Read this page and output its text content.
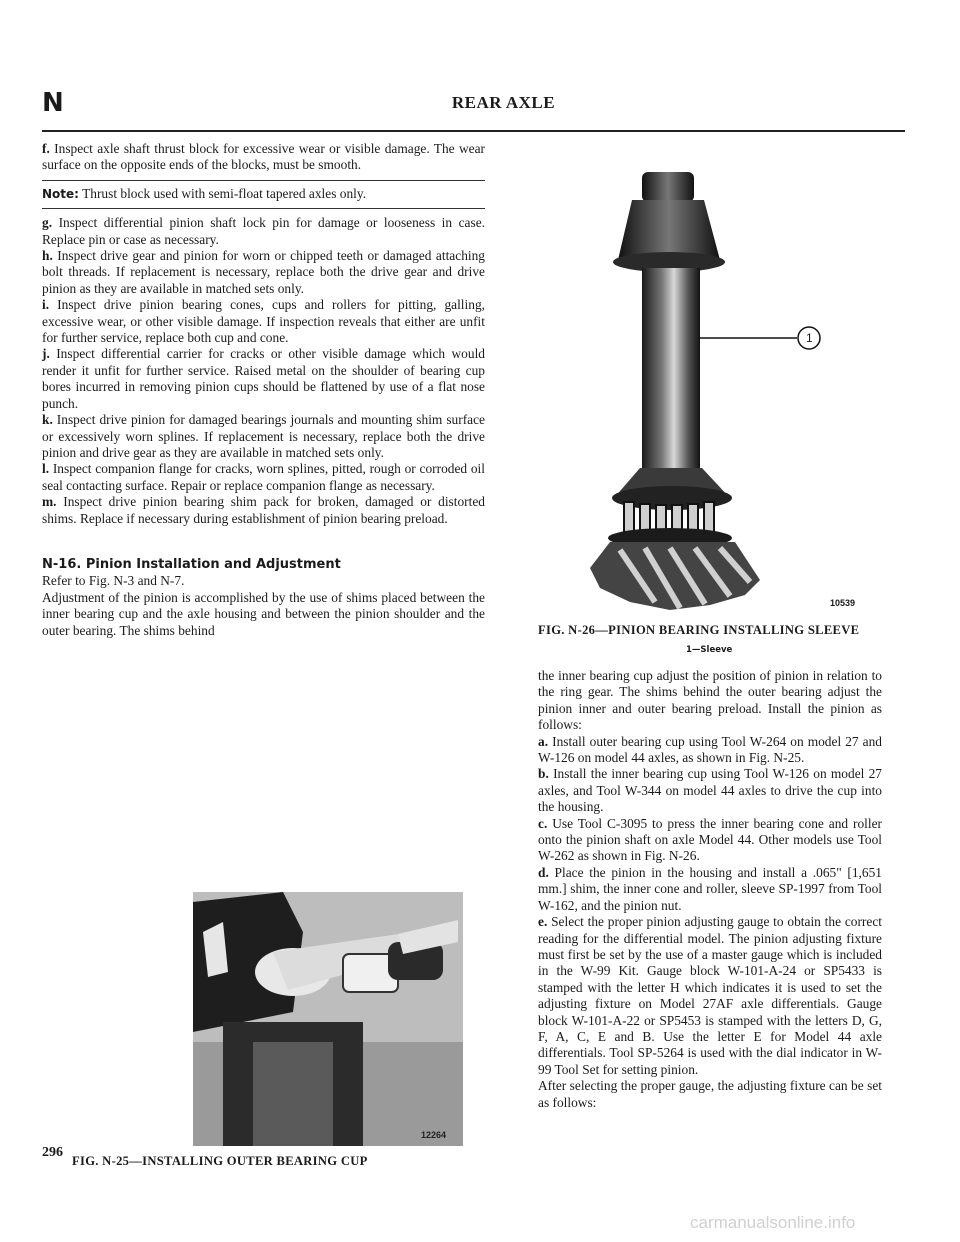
N	REAR AXLE

f. Inspect axle shaft thrust block for excessive wear or visible damage. The wear surface on the opposite ends of the blocks, must be smooth.

Note: Thrust block used with semi-float tapered axles only.

g. Inspect differential pinion shaft lock pin for damage or looseness in case. Replace pin or case as necessary.

h. Inspect drive gear and pinion for worn or chipped teeth or damaged attaching bolt threads. If replacement is necessary, replace both the drive gear and drive pinion as they are available in matched sets only.

i. Inspect drive pinion bearing cones, cups and rollers for pitting, galling, excessive wear, or other visible damage. If inspection reveals that either are unfit for further service, replace both cup and cone.

j. Inspect differential carrier for cracks or other visible damage which would render it unfit for further service. Raised metal on the shoulder of bearing cup bores incurred in removing pinion cups should be flattened by use of a flat nose punch.

k. Inspect drive pinion for damaged bearings journals and mounting shim surface or excessively worn splines. If replacement is necessary, replace both the drive pinion and drive gear as they are available in matched sets only.

l. Inspect companion flange for cracks, worn splines, pitted, rough or corroded oil seal contacting surface. Repair or replace companion flange as necessary.

m. Inspect drive pinion bearing shim pack for broken, damaged or distorted shims. Replace if necessary during establishment of pinion bearing preload.

N-16. Pinion Installation and Adjustment

Refer to Fig. N-3 and N-7.

Adjustment of the pinion is accomplished by the use of shims placed between the inner bearing cup and the axle housing and between the pinion shoulder and the outer bearing. The shims behind

1
10539
FIG. N-26—PINION BEARING INSTALLING SLEEVE
1—Sleeve

the inner bearing cup adjust the position of pinion in relation to the ring gear. The shims behind the outer bearing adjust the pinion inner and outer bearing preload. Install the pinion as follows:

a. Install outer bearing cup using Tool W-264 on model 27 and W-126 on model 44 axles, as shown in Fig. N-25.

b. Install the inner bearing cup using Tool W-126 on model 27 axles, and Tool W-344 on model 44 axles to drive the cup into the housing.

c. Use Tool C-3095 to press the inner bearing cone and roller onto the pinion shaft on axle Model 44. Other models use Tool W-262 as shown in Fig. N-26.

d. Place the pinion in the housing and install a .065" [1,651 mm.] shim, the inner cone and roller, sleeve SP-1997 from Tool W-162, and the pinion nut.

e. Select the proper pinion adjusting gauge to obtain the correct reading for the differential model. The pinion adjusting fixture must first be set by the use of a master gauge which is included in the W-99 Kit. Gauge block W-101-A-24 or SP5433 is stamped with the letter H which indicates it is used to set the adjusting fixture on Model 27AF axle differentials. Gauge block W-101-A-22 or SP5453 is stamped with the letters D, G, F, A, C, E and B. Use the letter E for Model 44 axle differentials. Tool SP-5264 is used with the dial indicator in W-99 Tool Set for setting pinion.

After selecting the proper gauge, the adjusting fixture can be set as follows:

12264
FIG. N-25—INSTALLING OUTER BEARING CUP
296
carmanualsonline.info
